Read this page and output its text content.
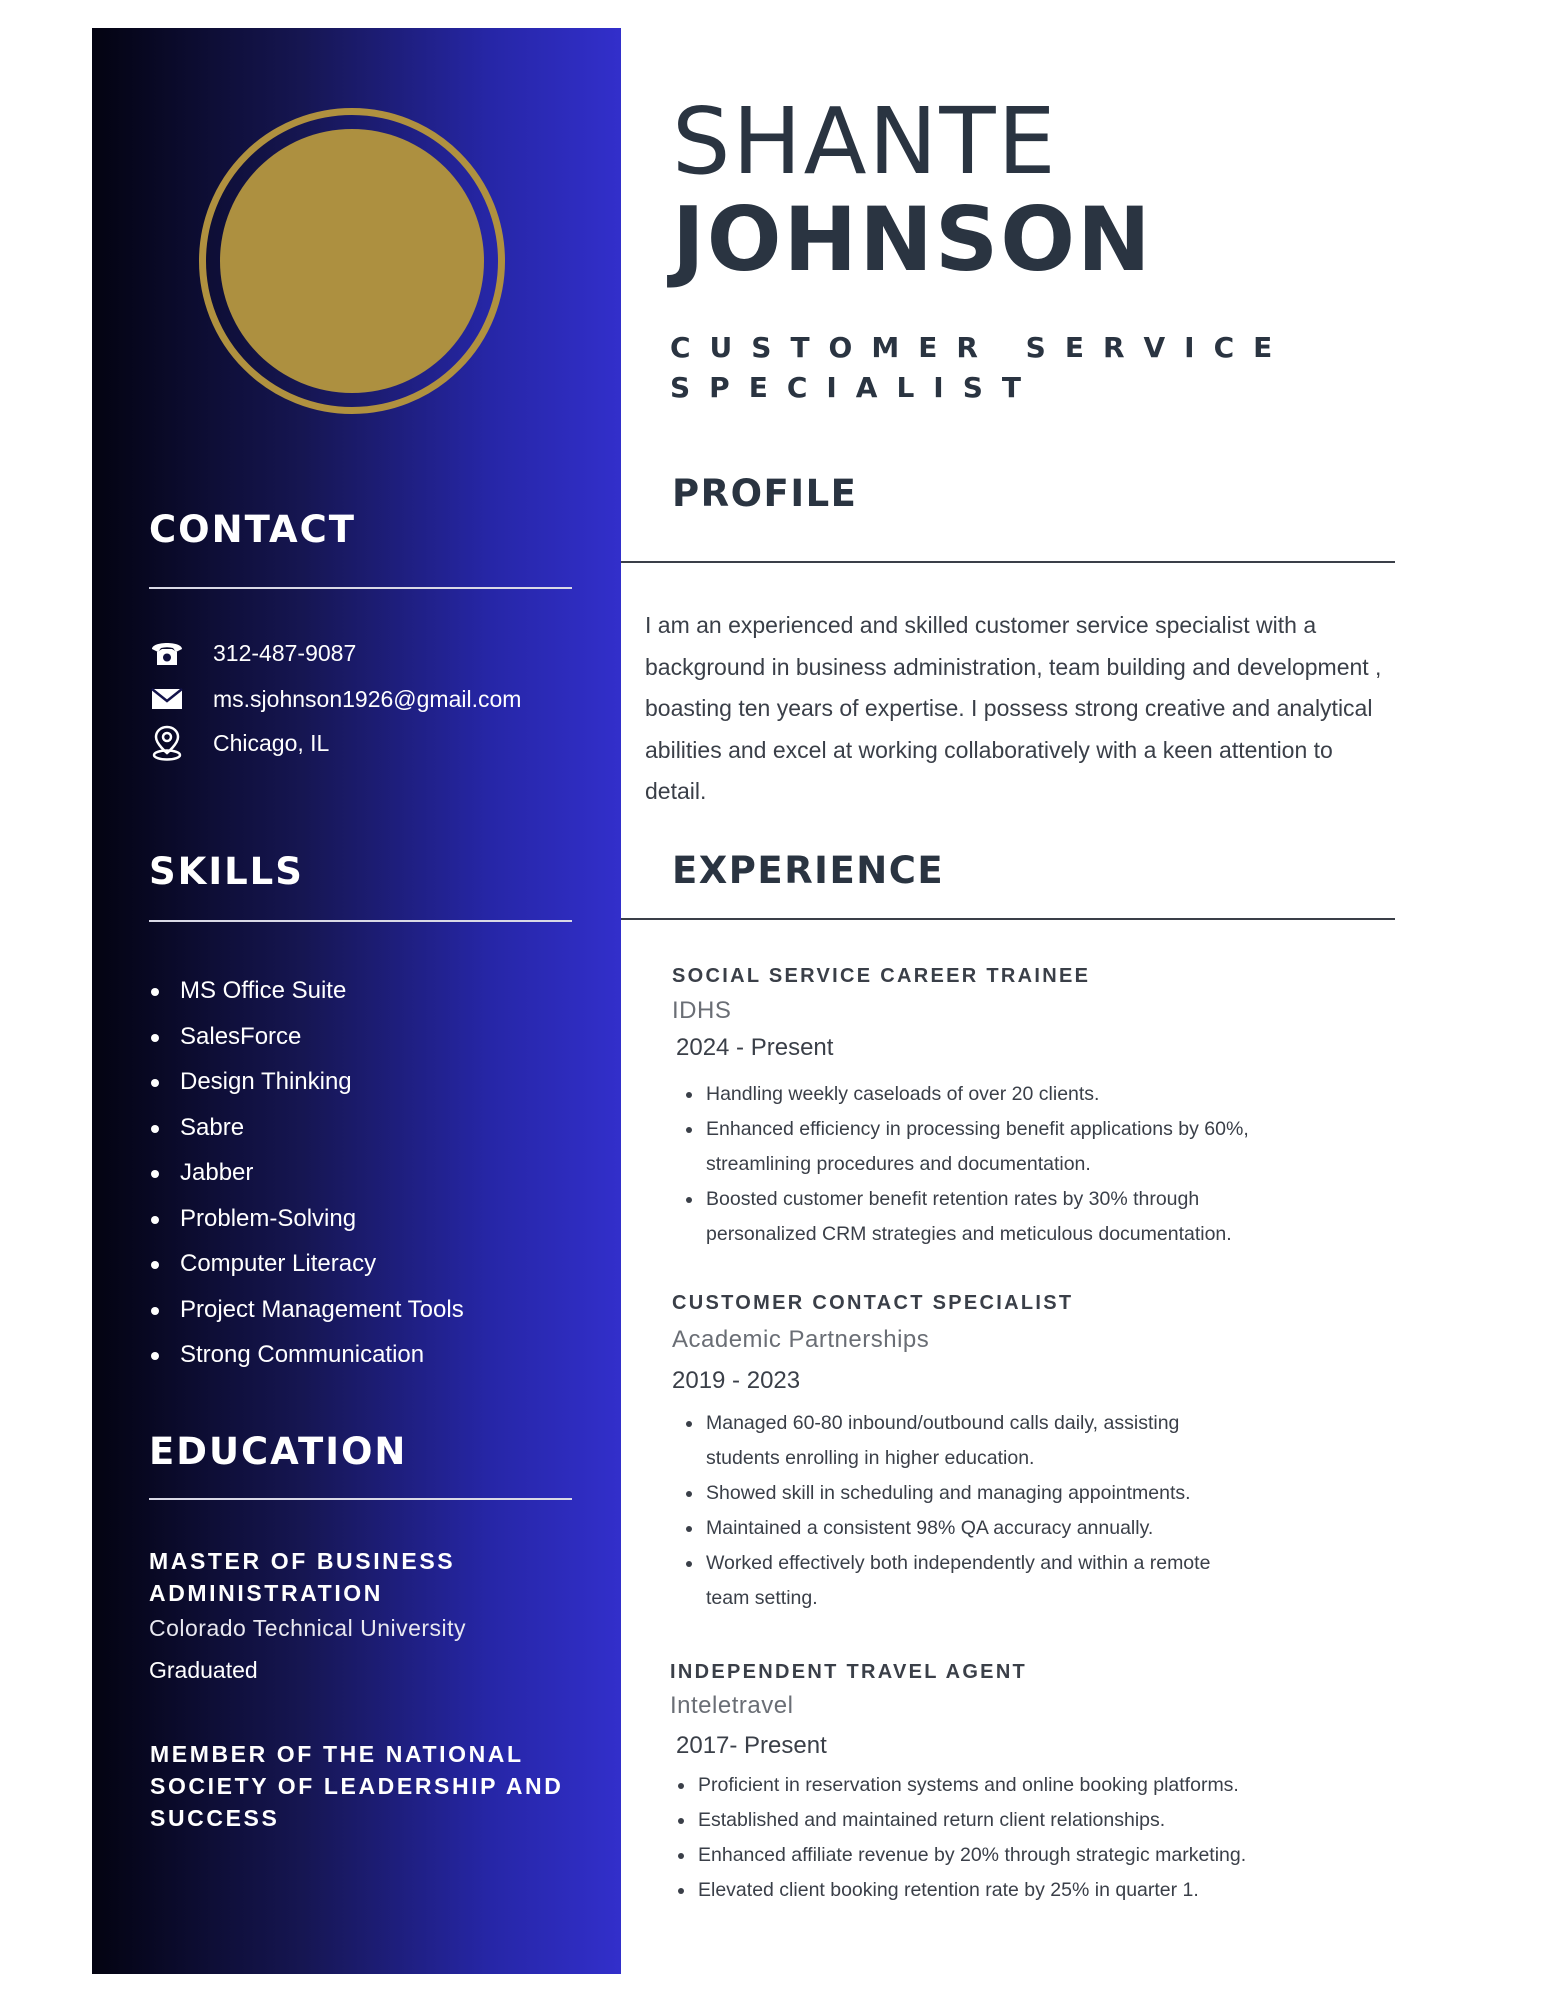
CONTACT
312-487-9087
ms.sjohnson1926@gmail.com
Chicago, IL
SKILLS
MS Office Suite
SalesForce
Design Thinking
Sabre
Jabber
Problem-Solving
Computer Literacy
Project Management Tools
Strong Communication
EDUCATION

MASTER OF BUSINESS ADMINISTRATION

Colorado Technical University
Graduated

MEMBER OF THE NATIONAL SOCIETY OF LEADERSHIP AND SUCCESS

SHANTE
JOHNSON

CUSTOMER SERVICE SPECIALIST

PROFILE

I am an experienced and skilled customer service specialist with a background in business administration, team building and development , boasting ten years of expertise. I possess strong creative and analytical abilities and excel at working collaboratively with a keen attention to detail.

EXPERIENCE

SOCIAL SERVICE CAREER TRAINEE

IDHS
2024 - Present
Handling weekly caseloads of over 20 clients.
Enhanced efficiency in processing benefit applications by 60%, streamlining procedures and documentation.
Boosted customer benefit retention rates by 30% through personalized CRM strategies and meticulous documentation.

CUSTOMER CONTACT SPECIALIST

Academic Partnerships
2019 - 2023
Managed 60-80 inbound/outbound calls daily, assisting students enrolling in higher education.
Showed skill in scheduling and managing appointments.
Maintained a consistent 98% QA accuracy annually.
Worked effectively both independently and within a remote team setting.

INDEPENDENT TRAVEL AGENT

Inteletravel
2017- Present
Proficient in reservation systems and online booking platforms.
Established and maintained return client relationships.
Enhanced affiliate revenue by 20% through strategic marketing.
Elevated client booking retention rate by 25% in quarter 1.
